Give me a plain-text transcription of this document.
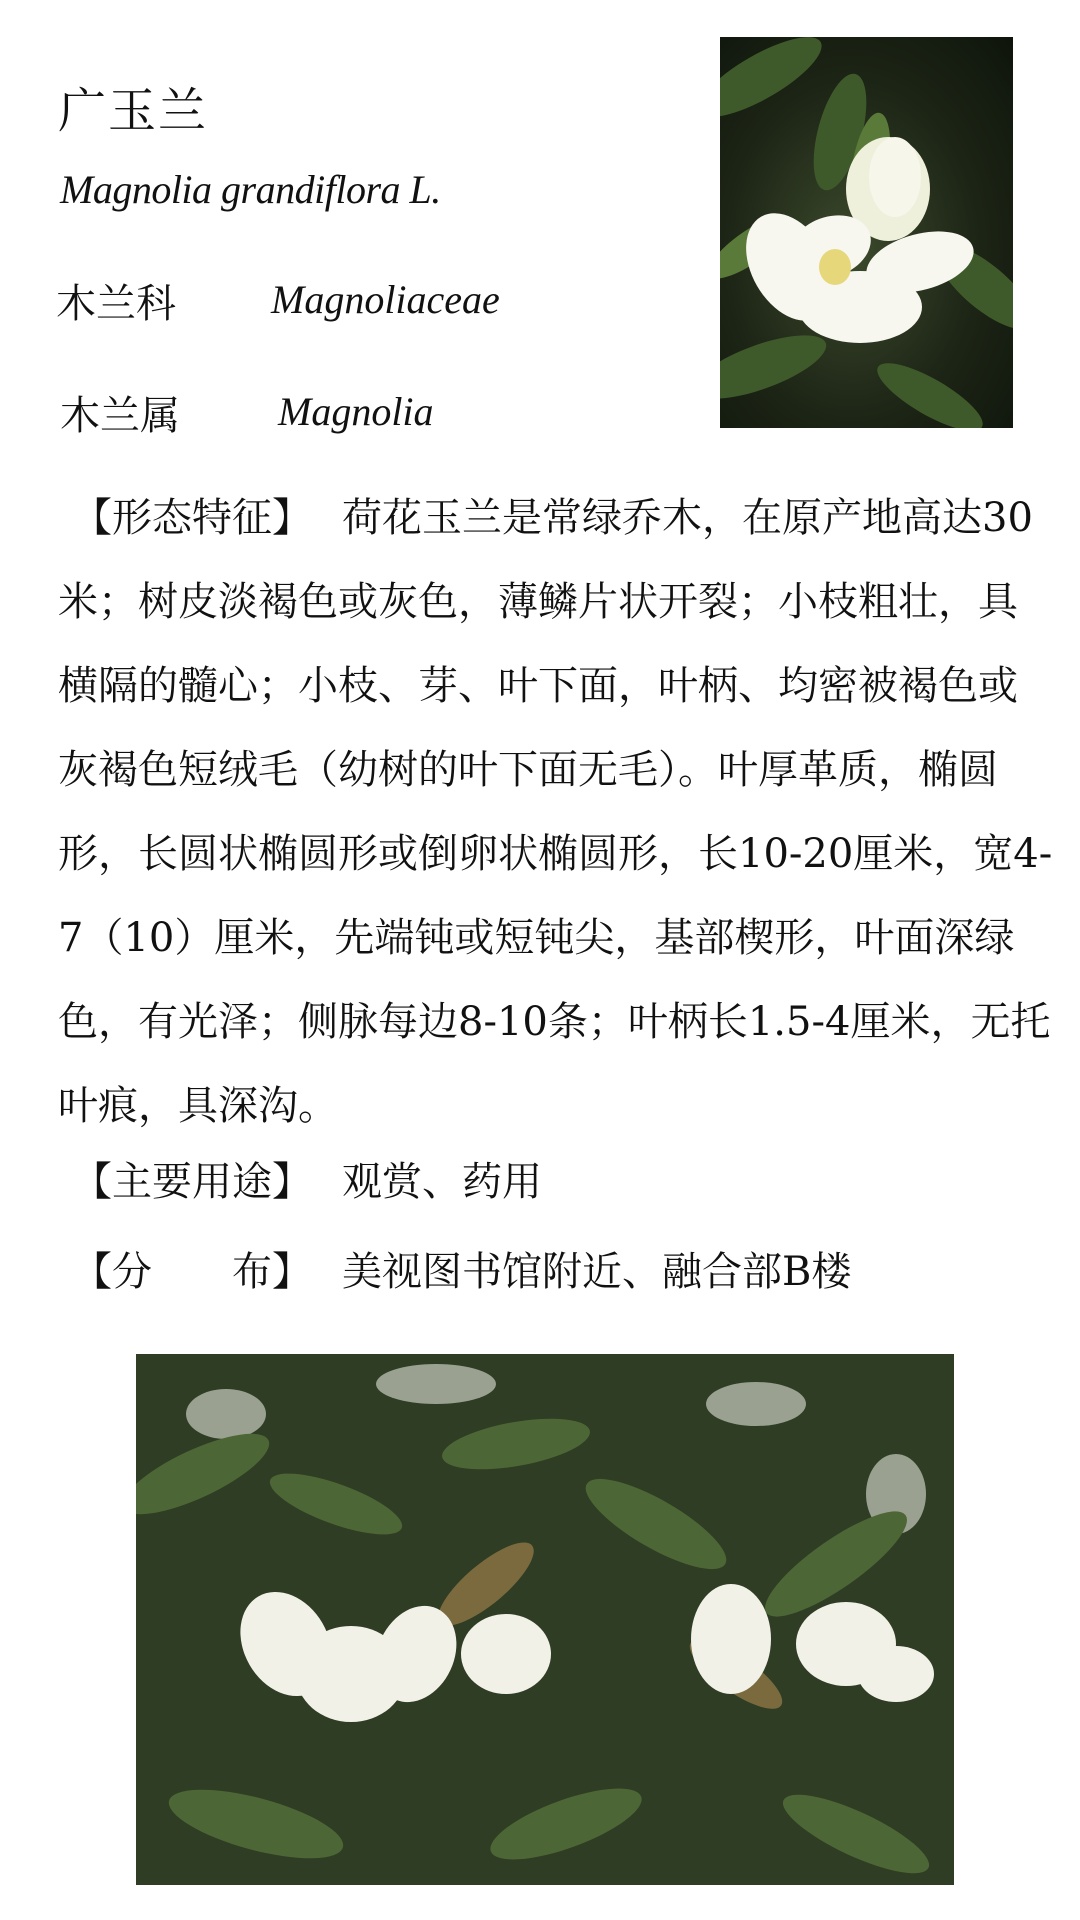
广玉兰
Magnolia grandiflora L.
木兰科 Magnoliaceae
木兰属 Magnolia
【形态特征】 荷花玉兰是常绿乔木，在原产地高达30米；树皮淡褐色或灰色，薄鳞片状开裂；小枝粗壮，具横隔的髓心；小枝、芽、叶下面，叶柄、均密被褐色或灰褐色短绒毛（幼树的叶下面无毛）。叶厚革质，椭圆形，长圆状椭圆形或倒卵状椭圆形，长10-20厘米，宽4-7（10）厘米，先端钝或短钝尖，基部楔形，叶面深绿色，有光泽；侧脉每边8-10条；叶柄长1.5-4厘米，无托叶痕，具深沟。
【主要用途】 观赏、药用
【分　　布】 美视图书馆附近、融合部B楼
